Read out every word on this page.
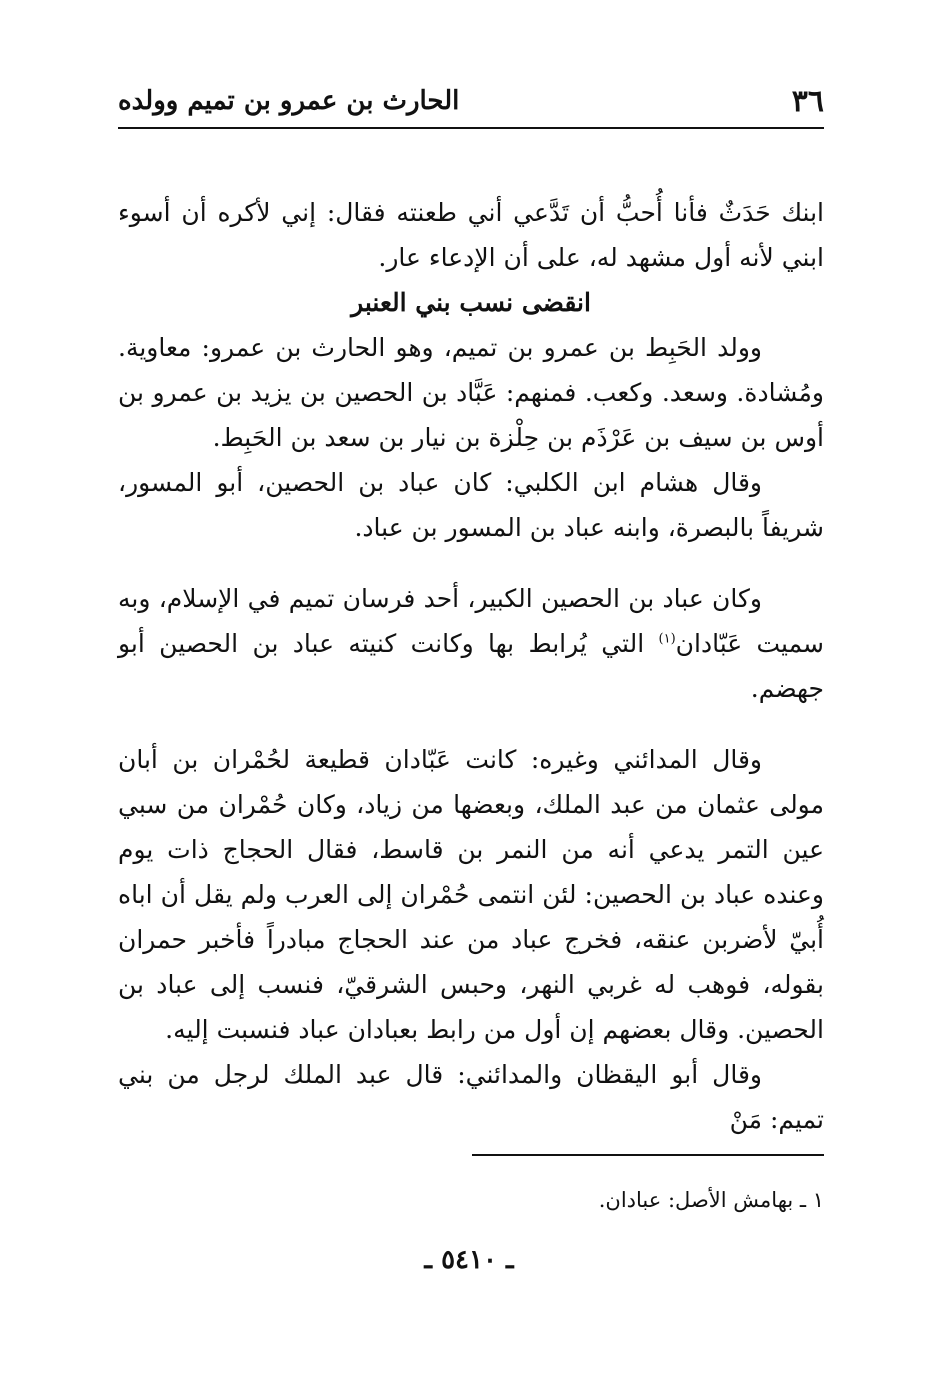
٣٦
الحارث بن عمرو بن تميم وولده

ابنك حَدَثٌ فأنا أُحبُّ أن تَدَّعي أني طعنته فقال: إني لأكره أن أسوء ابني لأنه أول مشهد له، على أن الإدعاء عار.

انقضى نسب بني العنبر

وولد الحَبِط بن عمرو بن تميم، وهو الحارث بن عمرو: معاوية. ومُشادة. وسعد. وكعب. فمنهم: عَبَّاد بن الحصين بن يزيد بن عمرو بن أوس بن سيف بن عَرْذَم بن حِلْزة بن نيار بن سعد بن الحَبِط.

وقال هشام ابن الكلبي: كان عباد بن الحصين، أبو المسور، شريفاً بالبصرة، وابنه عباد بن المسور بن عباد.

وكان عباد بن الحصين الكبير، أحد فرسان تميم في الإسلام، وبه سميت عَبّادان$^{(١)}$ التي يُرابط بها وكانت كنيته عباد بن الحصين أبو جهضم.

وقال المدائني وغيره: كانت عَبّادان قطيعة لحُمْران بن أبان مولى عثمان من عبد الملك، وبعضها من زياد، وكان حُمْران من سبي عين التمر يدعي أنه من النمر بن قاسط، فقال الحجاج ذات يوم وعنده عباد بن الحصين: لئن انتمى حُمْران إلى العرب ولم يقل أن اباه أُبيّ لأضربن عنقه، فخرج عباد من عند الحجاج مبادراً فأخبر حمران بقوله، فوهب له غربي النهر، وحبس الشرقيّ، فنسب إلى عباد بن الحصين. وقال بعضهم إن أول من رابط بعبادان عباد فنسبت إليه.

وقال أبو اليقظان والمدائني: قال عبد الملك لرجل من بني تميم: مَنْ

١ ـ بهامش الأصل: عبادان.
ـ ٥٤١٠ ـ
